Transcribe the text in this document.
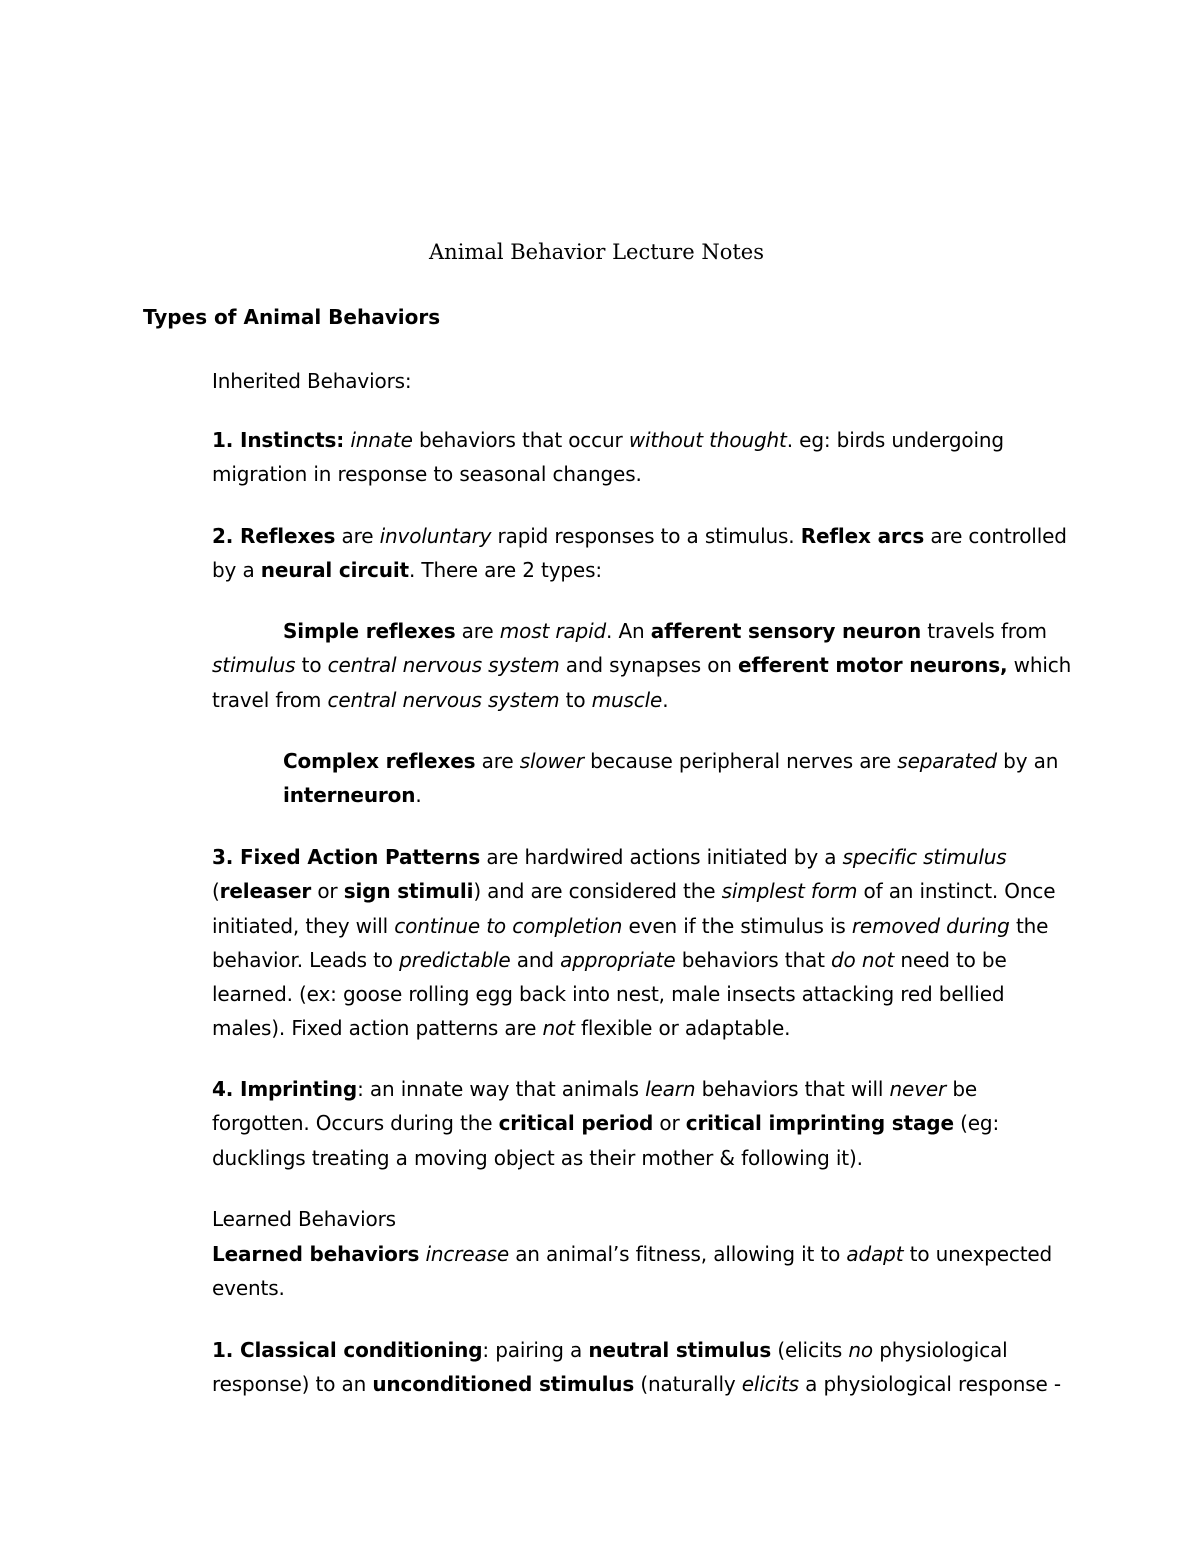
Animal Behavior Lecture Notes
Types of Animal Behaviors

Inherited Behaviors:

1. Instincts: innate behaviors that occur without thought. eg: birds undergoing migration in response to seasonal changes.

2. Reflexes are involuntary rapid responses to a stimulus. Reflex arcs are controlled by a neural circuit. There are 2 types:

Simple reflexes are most rapid. An afferent sensory neuron travels from stimulus to central nervous system and synapses on efferent motor neurons, which travel from central nervous system to muscle.

Complex reflexes are slower because peripheral nerves are separated by an interneuron.

3. Fixed Action Patterns are hardwired actions initiated by a specific stimulus (releaser or sign stimuli) and are considered the simplest form of an instinct. Once initiated, they will continue to completion even if the stimulus is removed during the behavior. Leads to predictable and appropriate behaviors that do not need to be learned. (ex: goose rolling egg back into nest, male insects attacking red bellied males). Fixed action patterns are not flexible or adaptable.

4. Imprinting: an innate way that animals learn behaviors that will never be forgotten. Occurs during the critical period or critical imprinting stage (eg: ducklings treating a moving object as their mother & following it).

Learned Behaviors

Learned behaviors increase an animal’s fitness, allowing it to adapt to unexpected events.

1. Classical conditioning: pairing a neutral stimulus (elicits no physiological response) to an unconditioned stimulus (naturally elicits a physiological response -
